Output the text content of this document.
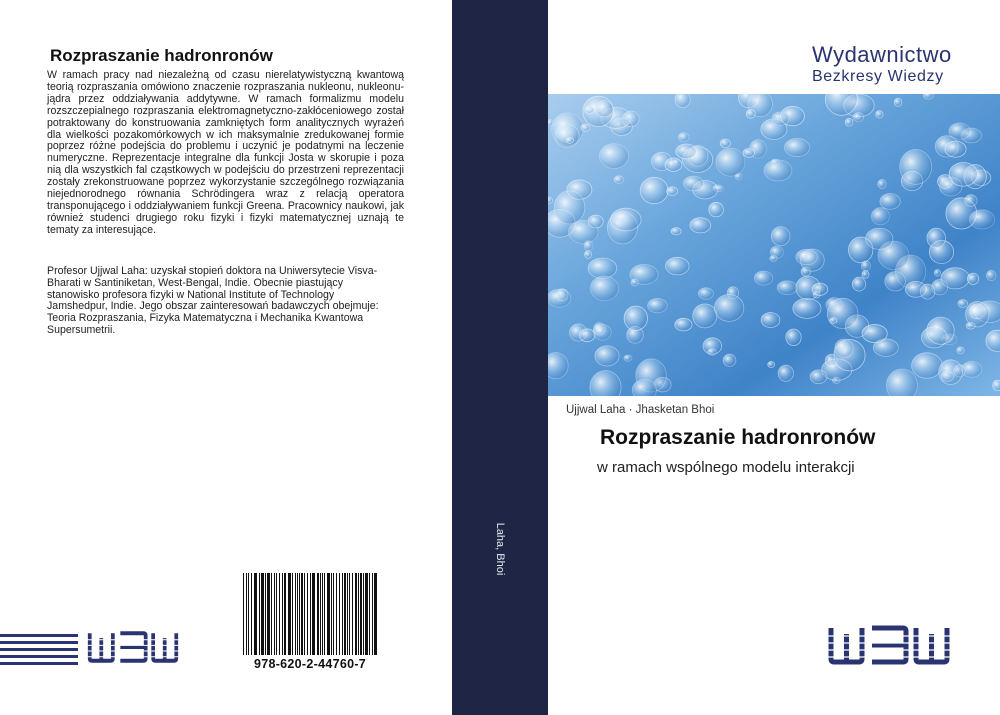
Rozpraszanie hadronronów

W ramach pracy nad niezależną od czasu nierelatywistyczną kwantową teorią rozpraszania omówiono znaczenie rozpraszania nukleonu, nukleonu-jądra przez oddziaływania addytywne. W ramach formalizmu modelu rozszczepialnego rozpraszania elektromagnetyczno-zakłóceniowego został potraktowany do konstruowania zamkniętych form analitycznych wyrażeń dla wielkości pozakomórkowych w ich maksymalnie zredukowanej formie poprzez różne podejścia do problemu i uczynić je podatnymi na leczenie numeryczne. Reprezentacje integralne dla funkcji Josta w skorupie i poza nią dla wszystkich fal cząstkowych w podejściu do przestrzeni reprezentacji zostały zrekonstruowane poprzez wykorzystanie szczególnego rozwiązania niejednorodnego równania Schrödingera wraz z relacją operatora transponującego i oddziaływaniem funkcji Greena. Pracownicy naukowi, jak również studenci drugiego roku fizyki i fizyki matematycznej uznają te tematy za interesujące.

Profesor Ujjwal Laha: uzyskał stopień doktora na Uniwersytecie Visva-Bharati w Santiniketan, West-Bengal, Indie. Obecnie piastujący stanowisko profesora fizyki w National Institute of Technology Jamshedpur, Indie. Jego obszar zainteresowań badawczych obejmuje: Teoria Rozpraszania, Fizyka Matematyczna i Mechanika Kwantowa Supersumetrii.

978-620-2-44760-7
Laha, Bhoi
Wydawnictwo
Bezkresy Wiedzy
Ujjwal Laha · Jhasketan Bhoi
Rozpraszanie hadronronów
w ramach wspólnego modelu interakcji
